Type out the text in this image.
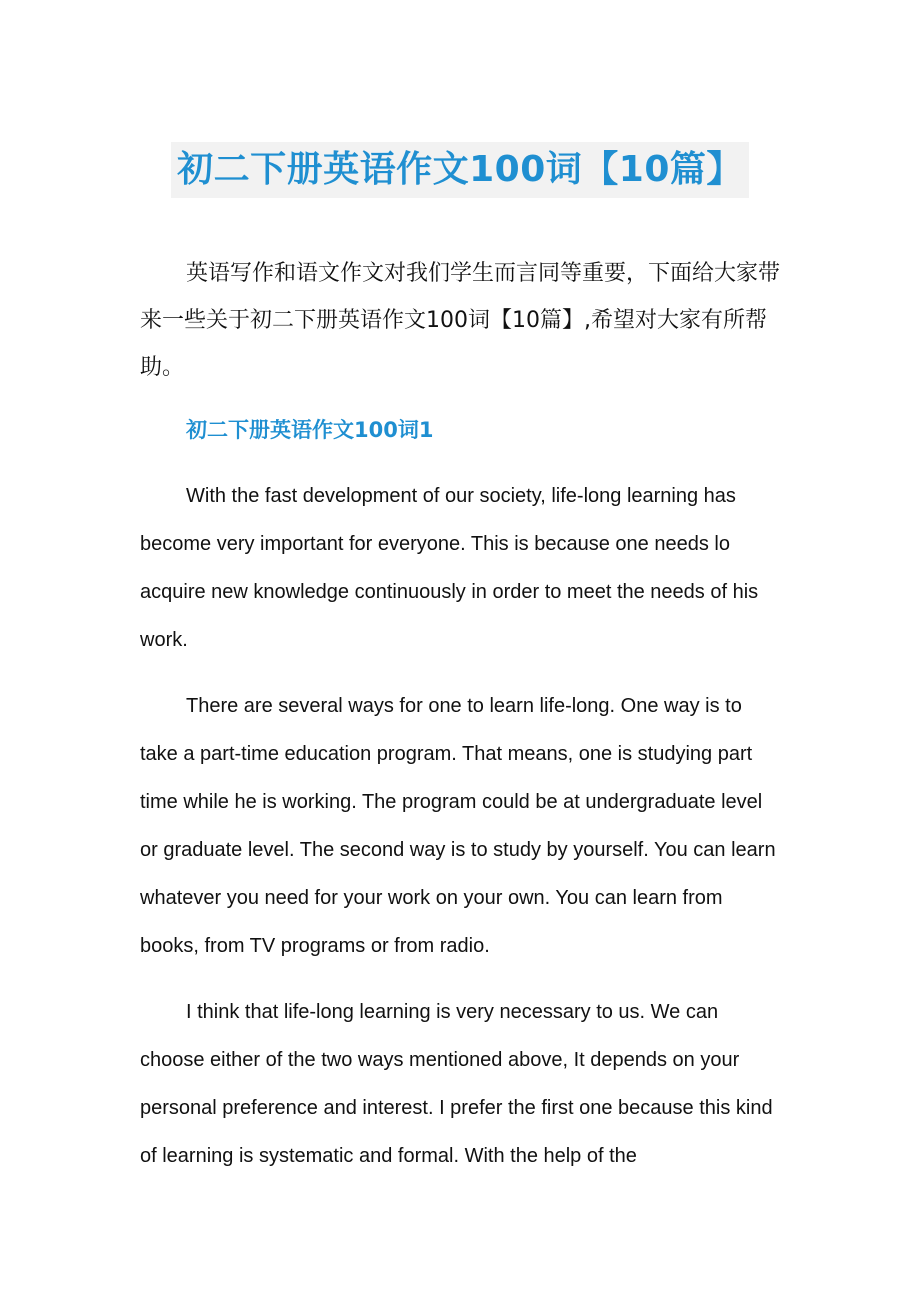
初二下册英语作文100词【10篇】

英语写作和语文作文对我们学生而言同等重要，下面给大家带来一些关于初二下册英语作文100词【10篇】,希望对大家有所帮助。

初二下册英语作文100词1

With the fast development of our society, life-long learning has become very important for everyone. This is because one needs lo acquire new knowledge continuously in order to meet the needs of his work.

There are several ways for one to learn life-long. One way is to take a part-time education program. That means, one is studying part time while he is working. The program could be at undergraduate level or graduate level. The second way is to study by yourself. You can learn whatever you need for your work on your own. You can learn from books, from TV programs or from radio.

I think that life-long learning is very necessary to us. We can choose either of the two ways mentioned above, It depends on your personal preference and interest. I prefer the first one because this kind of learning is systematic and formal. With the help of the
